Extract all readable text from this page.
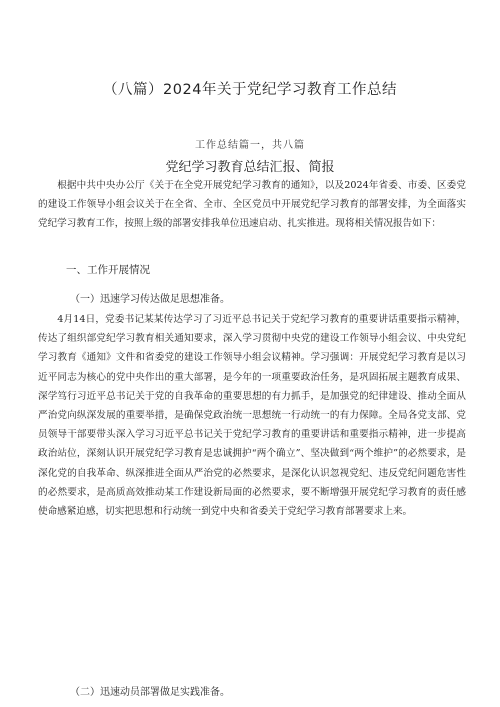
（八篇）2024年关于党纪学习教育工作总结
工作总结篇一，共八篇
党纪学习教育总结汇报、简报

根据中共中央办公厅《关于在全党开展党纪学习教育的通知》，以及2024年省委、市委、区委党的建设工作领导小组会议关于在全省、全市、全区党员中开展党纪学习教育的部署安排，为全面落实党纪学习教育工作，按照上级的部署安排我单位迅速启动、扎实推进。现将相关情况报告如下：

一、工作开展情况
（一）迅速学习传达做足思想准备。

4月14日，党委书记某某传达学习了习近平总书记关于党纪学习教育的重要讲话重要指示精神，传达了组织部党纪学习教育相关通知要求，深入学习贯彻中央党的建设工作领导小组会议、中央党纪学习教育《通知》文件和省委党的建设工作领导小组会议精神。学习强调：开展党纪学习教育是以习近平同志为核心的党中央作出的重大部署，是今年的一项重要政治任务，是巩固拓展主题教育成果、深学笃行习近平总书记关于党的自我革命的重要思想的有力抓手，是加强党的纪律建设、推动全面从严治党向纵深发展的重要举措，是确保党政治统一思想统一行动统一的有力保障。全局各党支部、党员领导干部要带头深入学习习近平总书记关于党纪学习教育的重要讲话和重要指示精神，进一步提高政治站位，深刻认识开展党纪学习教育是忠诚拥护“两个确立”、坚决做到“两个维护”的必然要求，是深化党的自我革命、纵深推进全面从严治党的必然要求，是深化认识忽视党纪、违反党纪问题危害性的必然要求，是高质高效推动某工作建设新局面的必然要求，要不断增强开展党纪学习教育的责任感使命感紧迫感，切实把思想和行动统一到党中央和省委关于党纪学习教育部署要求上来。

（二）迅速动员部署做足实践准备。
